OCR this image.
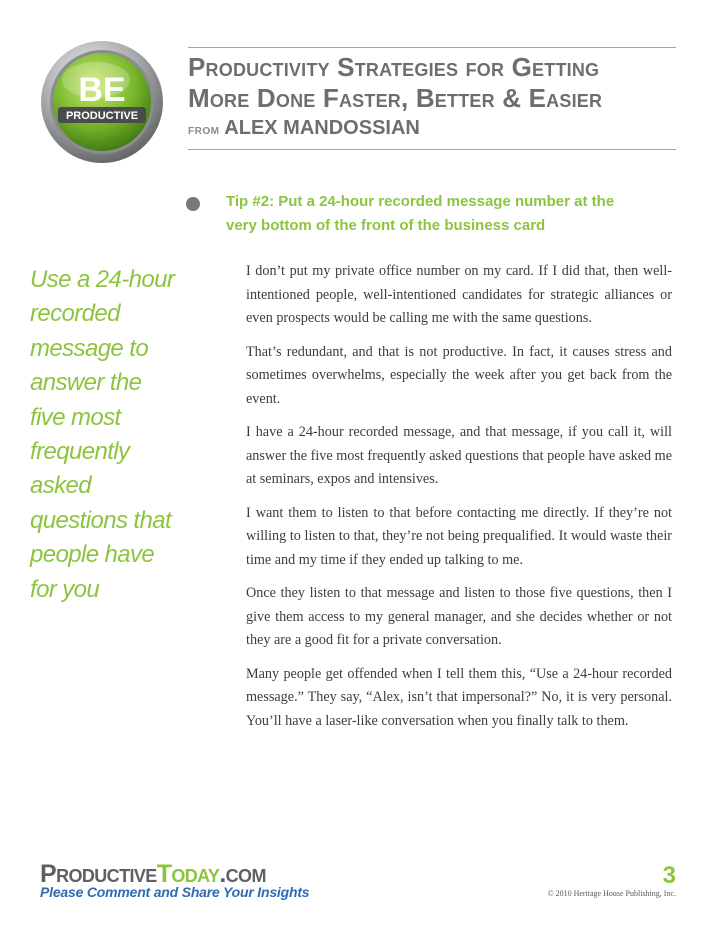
BE
PRODUCTIVE
Productivity Strategies for Getting
More Done Faster, Better & Easier
from ALEX MANDOSSIAN
Tip #2: Put a 24-hour recorded message number at the
very bottom of the front of the business card
Use a 24-hour recorded message to answer the five most frequently asked questions that people have for you

I don’t put my private office number on my card. If I did that, then well-intentioned people, well-intentioned candidates for strategic alliances or even prospects would be calling me with the same questions.

That’s redundant, and that is not productive. In fact, it causes stress and sometimes overwhelms, especially the week after you get back from the event.

I have a 24-hour recorded message, and that message, if you call it, will answer the five most frequently asked questions that people have asked me at seminars, expos and intensives.

I want them to listen to that before contacting me directly. If they’re not willing to listen to that, they’re not being prequalified. It would waste their time and my time if they ended up talking to me.

Once they listen to that message and listen to those five questions, then I give them access to my general manager, and she decides whether or not they are a good fit for a private conversation.

Many people get offended when I tell them this, “Use a 24-hour recorded message.” They say, “Alex, isn’t that impersonal?” No, it is very personal. You’ll have a laser-like conversation when you finally talk to them.

ProductiveToday.com
Please Comment and Share Your Insights
3
© 2010 Heritage House Publishing, Inc.
